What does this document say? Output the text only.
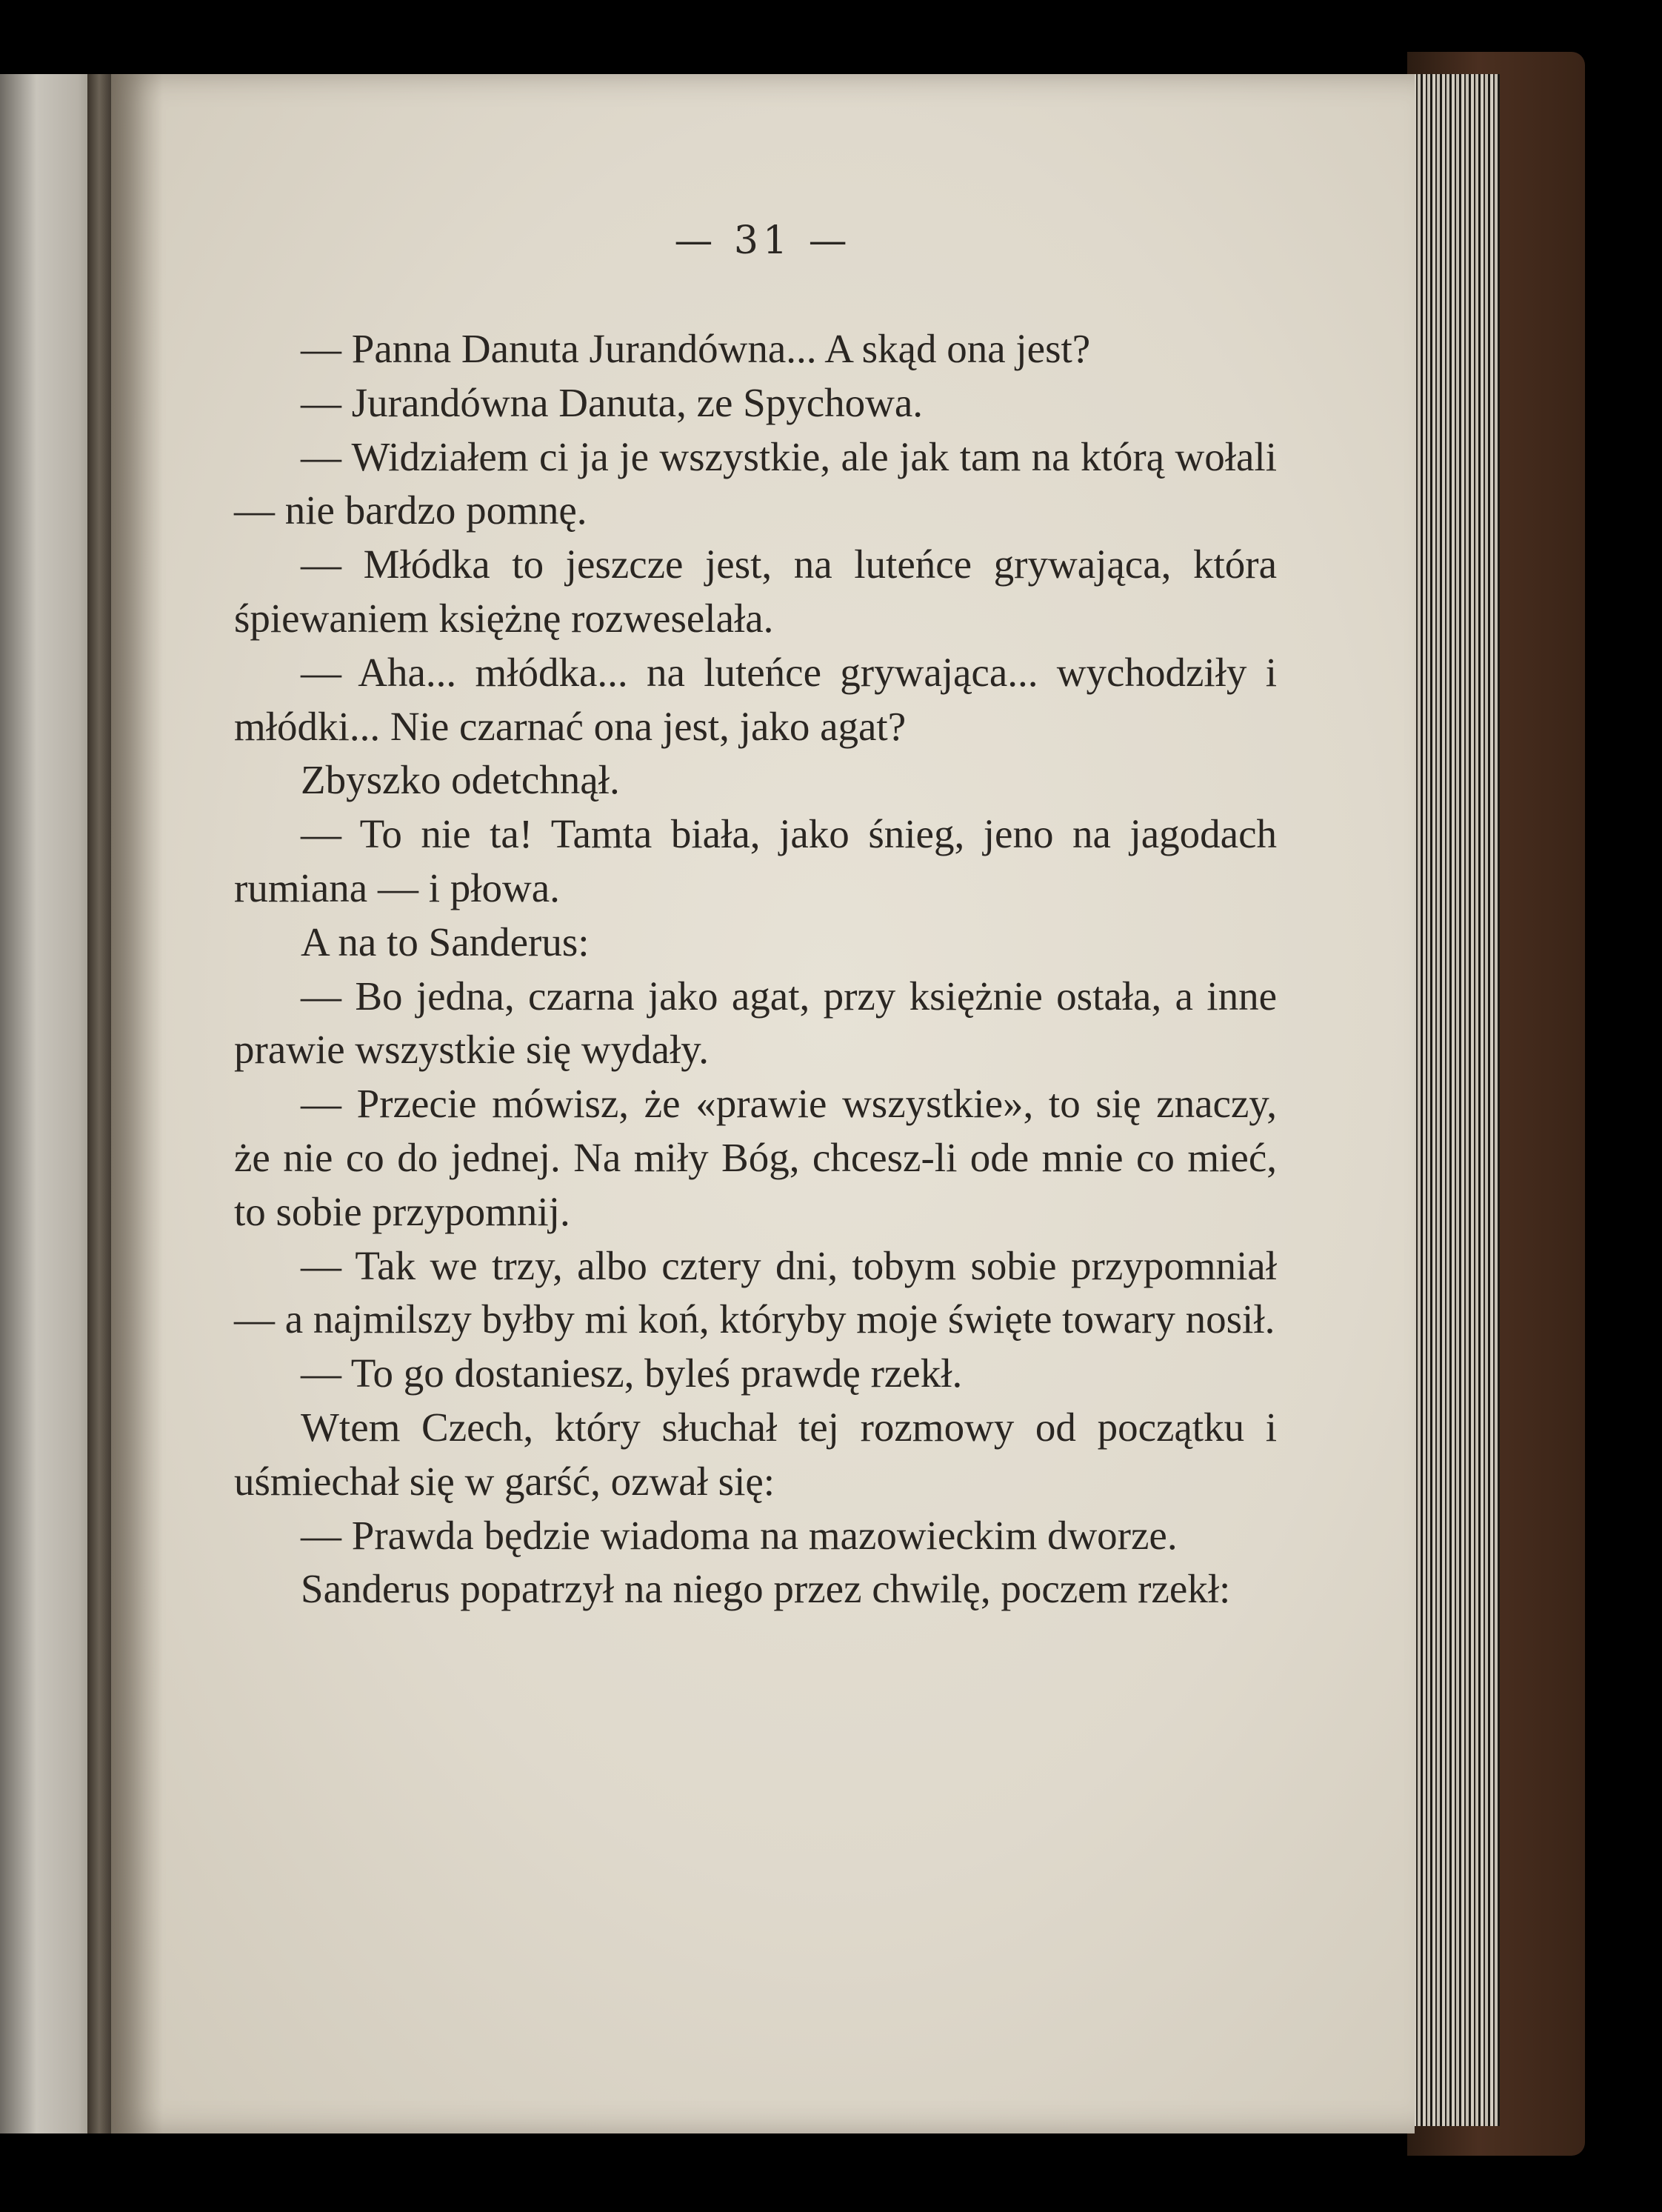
— 31 —

— Panna Danuta Jurandówna... A skąd ona jest?

— Jurandówna Danuta, ze Spychowa.

— Widziałem ci ja je wszystkie, ale jak tam na którą wołali — nie bardzo pomnę.

— Młódka to jeszcze jest, na luteńce grywająca, która śpiewaniem księżnę rozweselała.

— Aha... młódka... na luteńce grywająca... wychodziły i młódki... Nie czarnać ona jest, jako agat?

Zbyszko odetchnął.

— To nie ta! Tamta biała, jako śnieg, jeno na jagodach rumiana — i płowa.

A na to Sanderus:

— Bo jedna, czarna jako agat, przy księżnie ostała, a inne prawie wszystkie się wydały.

— Przecie mówisz, że «prawie wszystkie», to się znaczy, że nie co do jednej. Na miły Bóg, chcesz-li ode mnie co mieć, to sobie przypomnij.

— Tak we trzy, albo cztery dni, tobym sobie przypomniał — a najmilszy byłby mi koń, któryby moje święte towary nosił.

— To go dostaniesz, byleś prawdę rzekł.

Wtem Czech, który słuchał tej rozmowy od początku i uśmiechał się w garść, ozwał się:

— Prawda będzie wiadoma na mazowieckim dworze.

Sanderus popatrzył na niego przez chwilę, poczem rzekł:
